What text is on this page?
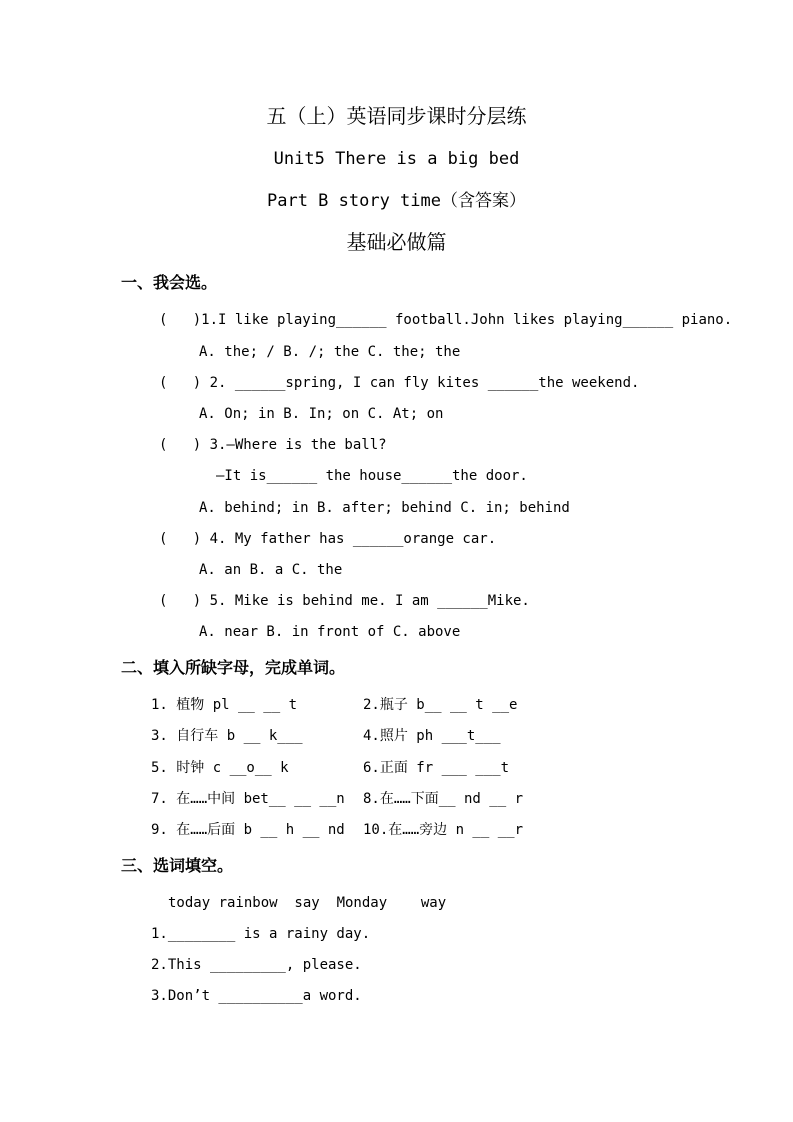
五（上）英语同步课时分层练
Unit5 There is a big bed
Part B story time（含答案）
基础必做篇
一、我会选。
(   )1.I like playing______ football.John likes playing______ piano.
A. the; / B. /; the C. the; the
(   ) 2. ______spring, I can fly kites ______the weekend.
A. On; in B. In; on C. At; on
(   ) 3.—Where is the ball?
—It is______ the house______the door.
A. behind; in B. after; behind C. in; behind
(   ) 4. My father has ______orange car.
A. an B. a C. the
(   ) 5. Mike is behind me. I am ______Mike.
A. near B. in front of C. above
二、填入所缺字母，完成单词。
1. 植物 pl __ __ t	2.瓶子 b__ __ t __e
3. 自行车 b __ k___	4.照片 ph ___t___
5. 时钟 c __o__ k	6.正面 fr ___ ___t
7. 在……中间 bet__ __ __n 8.在……下面__ nd __ r
9. 在……后面 b __ h __ nd 10.在……旁边 n __ __r
三、选词填空。
today rainbow  say  Monday    way
1.________ is a rainy day.
2.This _________, please.
3.Don’t __________a word.
